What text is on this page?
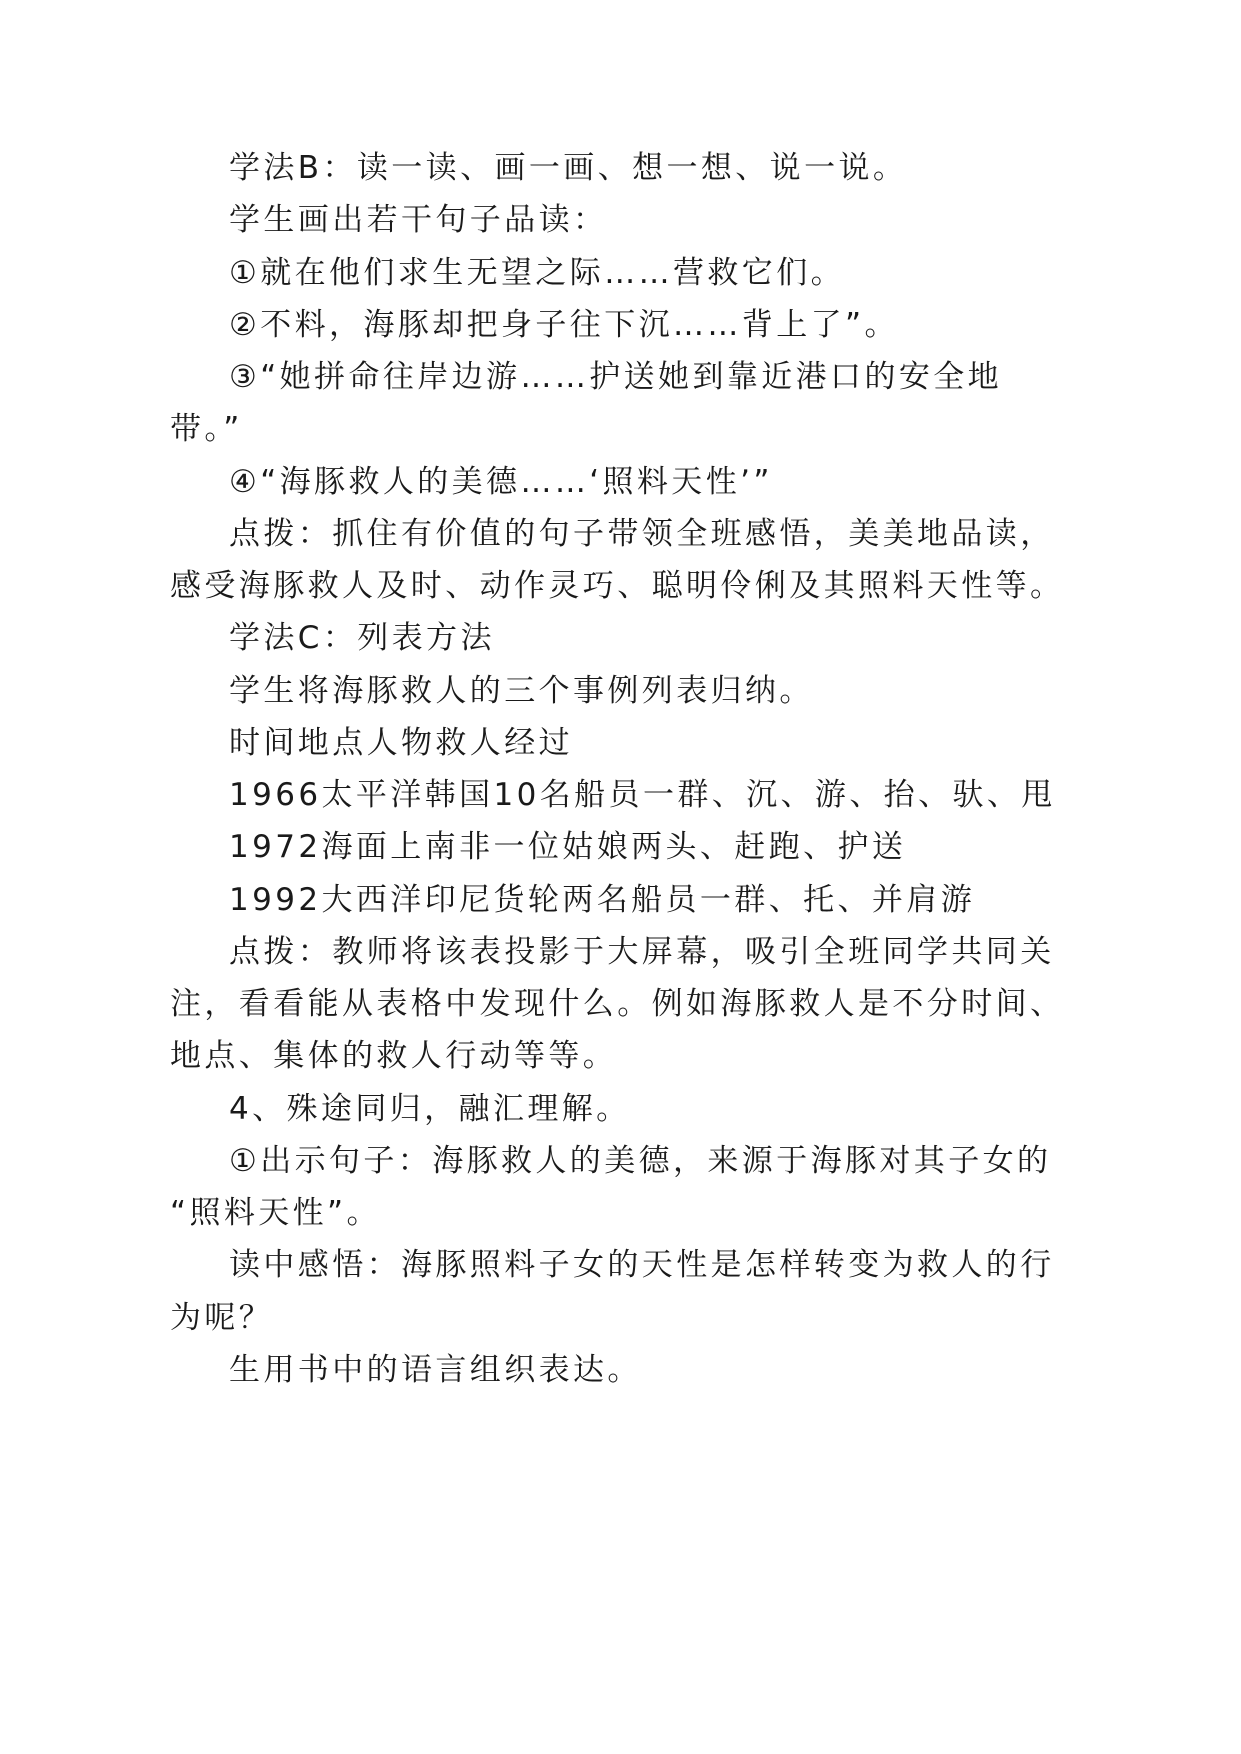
学法B：读一读、画一画、想一想、说一说。
学生画出若干句子品读：
①就在他们求生无望之际……营救它们。
②不料，海豚却把身子往下沉……背上了”。
③“她拼命往岸边游……护送她到靠近港口的安全地
带。”
④“海豚救人的美德……‘照料天性’”
点拨：抓住有价值的句子带领全班感悟，美美地品读，
感受海豚救人及时、动作灵巧、聪明伶俐及其照料天性等。
学法C：列表方法
学生将海豚救人的三个事例列表归纳。
时间地点人物救人经过
1966太平洋韩国10名船员一群、沉、游、抬、驮、甩
1972海面上南非一位姑娘两头、赶跑、护送
1992大西洋印尼货轮两名船员一群、托、并肩游
点拨：教师将该表投影于大屏幕，吸引全班同学共同关
注，看看能从表格中发现什么。例如海豚救人是不分时间、
地点、集体的救人行动等等。
4、殊途同归，融汇理解。
①出示句子：海豚救人的美德，来源于海豚对其子女的
“照料天性”。
读中感悟：海豚照料子女的天性是怎样转变为救人的行
为呢？
生用书中的语言组织表达。
